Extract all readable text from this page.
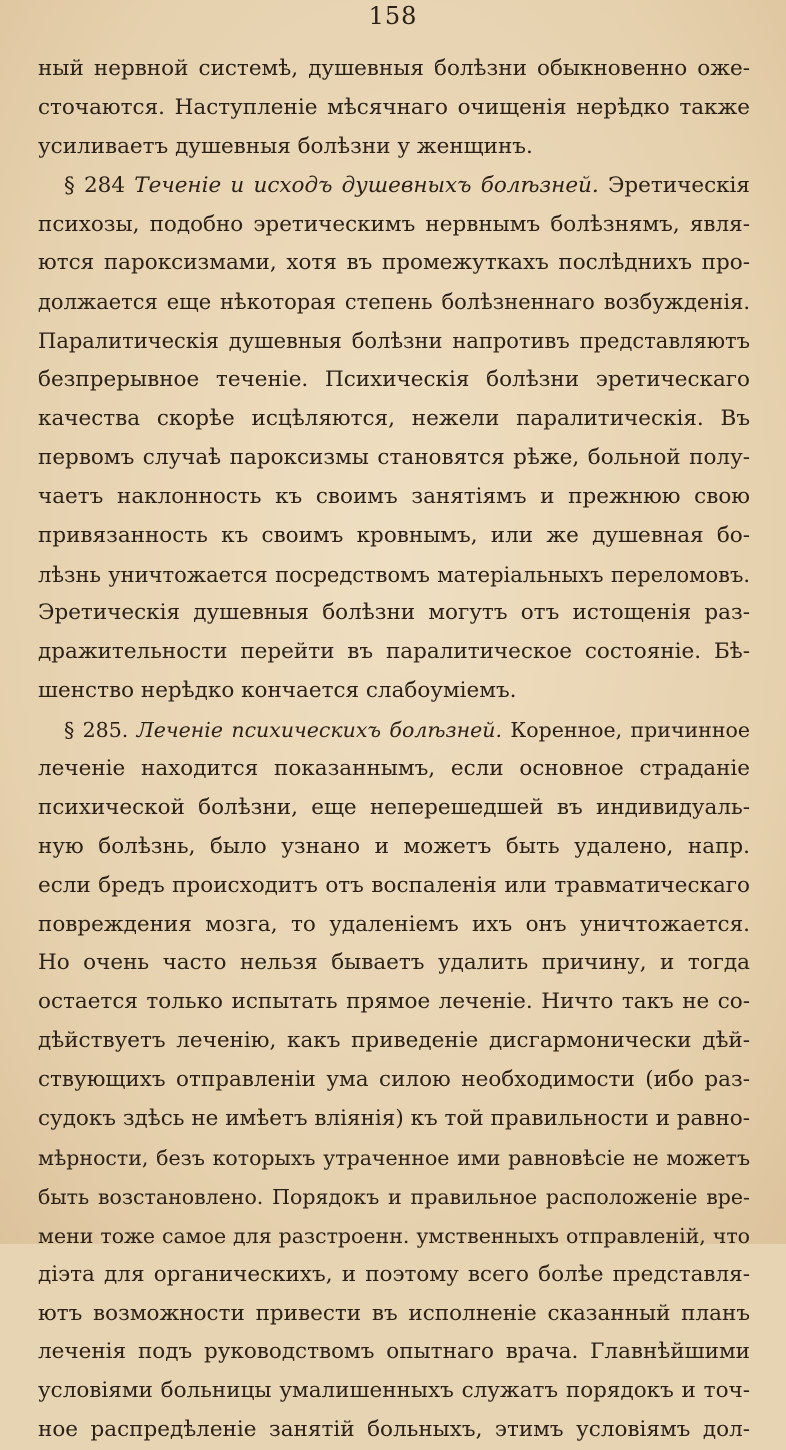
158
ный нервной системѣ, душевныя болѣзни обыкновенно ожe-
сточаются. Наступленіе мѣсячнаго очищенія нерѣдко также
усиливаетъ душевныя болѣзни у женщинъ.
§ 284 Теченіе и исходъ душевныхъ болѣзней. Эретическія
психозы, подобно эретическимъ нервнымъ болѣзнямъ, явля-
ются пароксизмами, хотя въ промежуткахъ послѣднихъ про-
должается еще нѣкоторая степень болѣзненнаго возбужденія.
Паралитическія душевныя болѣзни напротивъ представляютъ
безпрерывное теченіе. Психическія болѣзни эретическаго
качества скорѣе исцѣляются, нежели паралитическія. Въ
первомъ случаѣ пароксизмы становятся рѣже, больной полу-
чаетъ наклонность къ своимъ занятіямъ и прежнюю свою
привязанность къ своимъ кровнымъ, или же душевная бо-
лѣзнь уничтожается посредствомъ матеріальныхъ переломовъ.
Эретическія душевныя болѣзни могутъ отъ истощенія раз-
дражительности перейти въ паралитическое состояніе. Бѣ-
шенство нерѣдко кончается слабоуміемъ.
§ 285. Леченіе психическихъ болѣзней. Коренное, причинное
леченіе находится показаннымъ, если основное страданіе
психической болѣзни, еще неперешедшей въ индивидуаль-
ную болѣзнь, было узнано и можетъ быть удалено, напр.
если бредъ происходитъ отъ воспаленія или травматическаго
повреждения мозга, то удаленіемъ ихъ онъ уничтожается.
Но очень часто нельзя бываетъ удалить причину, и тогда
остается только испытать прямое леченіе. Ничто такъ не со-
дѣйствуетъ леченію, какъ приведеніе дисгармонически дѣй-
ствующихъ отправленіи ума силою необходимости (ибо раз-
судокъ здѣсь не имѣетъ вліянія) къ той правильности и равно-
мѣрности, безъ которыхъ утраченное ими равновѣсіе не можетъ
быть возстановлено. Порядокъ и правильное расположеніе вре-
мени тоже самое для разстроенн. умственныхъ отправленій, что
діэта для органическихъ, и поэтому всего болѣе представля-
ютъ возможности привести въ исполненіе сказанный планъ
леченія подъ руководствомъ опытнаго врача. Главнѣйшими
условіями больницы умалишенныхъ служатъ порядокъ и точ-
ное распредѣленіе занятій больныхъ, этимъ условіямъ дол-
